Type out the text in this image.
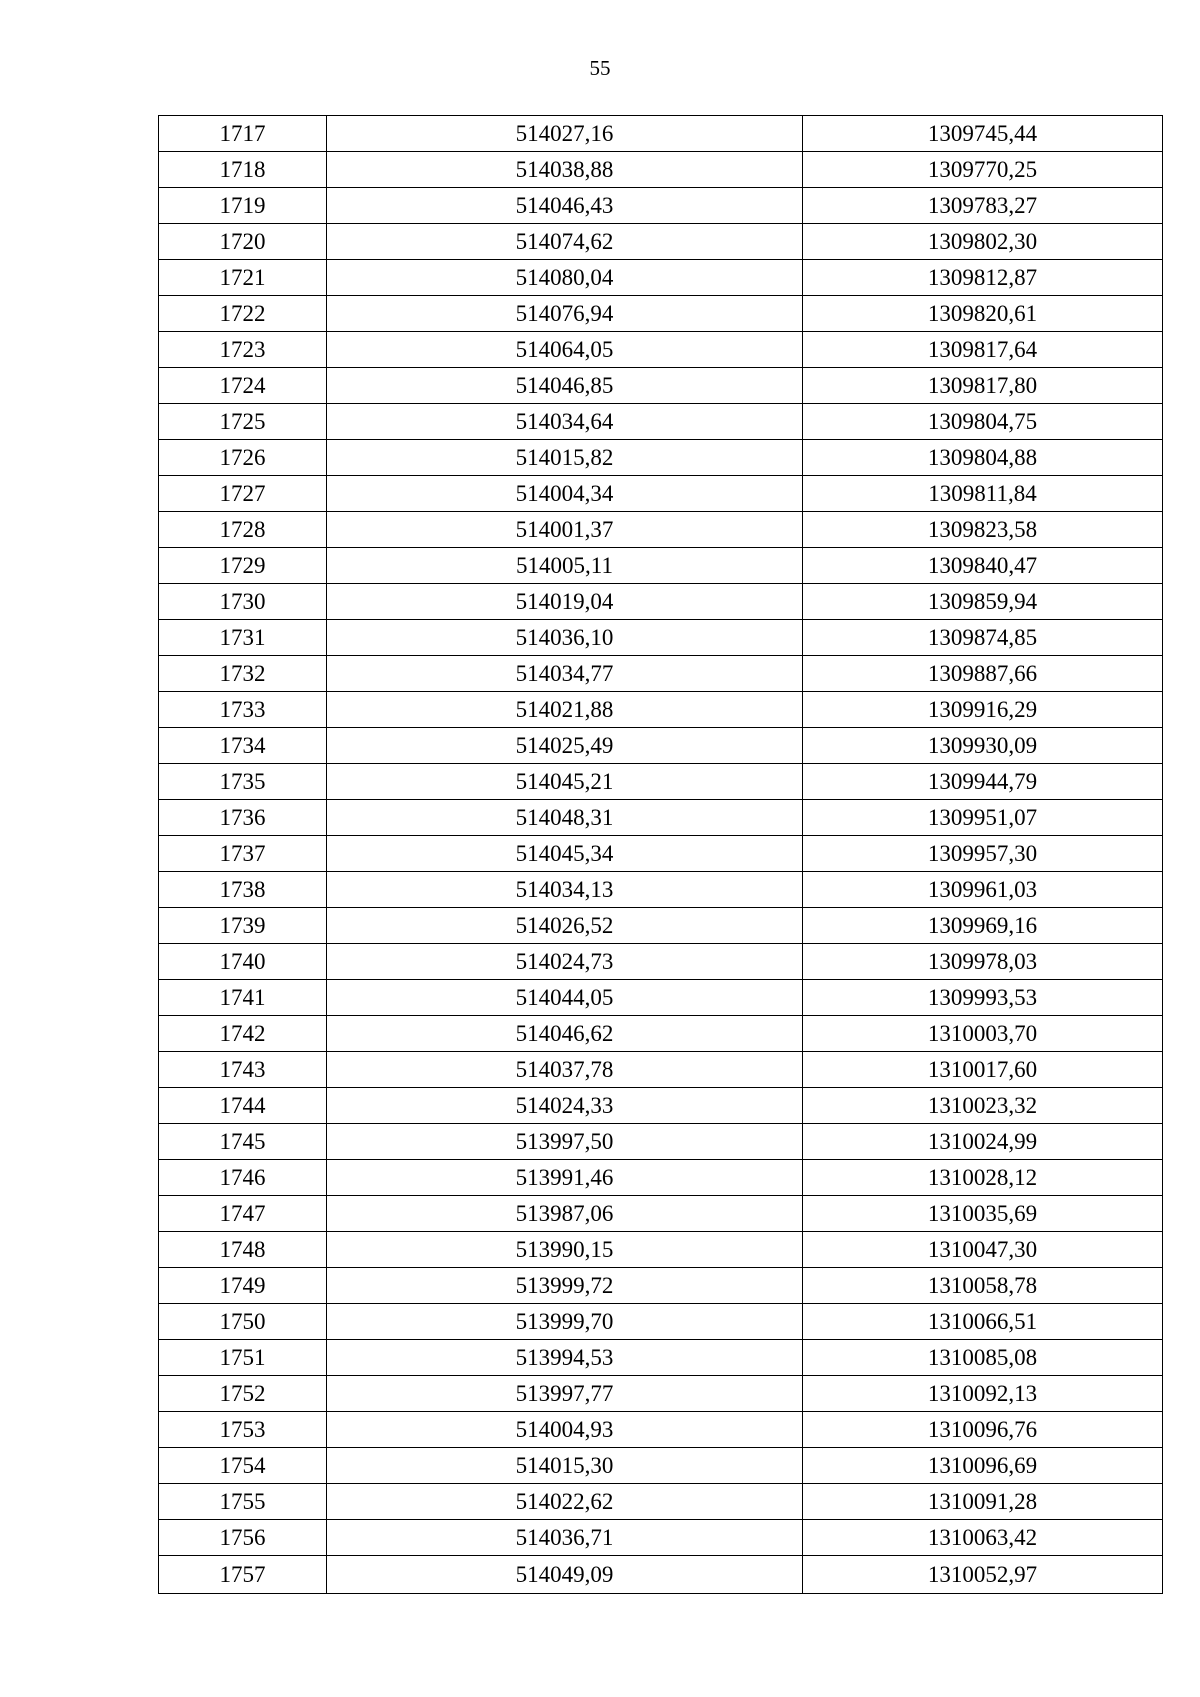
55
1717	514027,16	1309745,44
1718	514038,88	1309770,25
1719	514046,43	1309783,27
1720	514074,62	1309802,30
1721	514080,04	1309812,87
1722	514076,94	1309820,61
1723	514064,05	1309817,64
1724	514046,85	1309817,80
1725	514034,64	1309804,75
1726	514015,82	1309804,88
1727	514004,34	1309811,84
1728	514001,37	1309823,58
1729	514005,11	1309840,47
1730	514019,04	1309859,94
1731	514036,10	1309874,85
1732	514034,77	1309887,66
1733	514021,88	1309916,29
1734	514025,49	1309930,09
1735	514045,21	1309944,79
1736	514048,31	1309951,07
1737	514045,34	1309957,30
1738	514034,13	1309961,03
1739	514026,52	1309969,16
1740	514024,73	1309978,03
1741	514044,05	1309993,53
1742	514046,62	1310003,70
1743	514037,78	1310017,60
1744	514024,33	1310023,32
1745	513997,50	1310024,99
1746	513991,46	1310028,12
1747	513987,06	1310035,69
1748	513990,15	1310047,30
1749	513999,72	1310058,78
1750	513999,70	1310066,51
1751	513994,53	1310085,08
1752	513997,77	1310092,13
1753	514004,93	1310096,76
1754	514015,30	1310096,69
1755	514022,62	1310091,28
1756	514036,71	1310063,42
1757	514049,09	1310052,97
